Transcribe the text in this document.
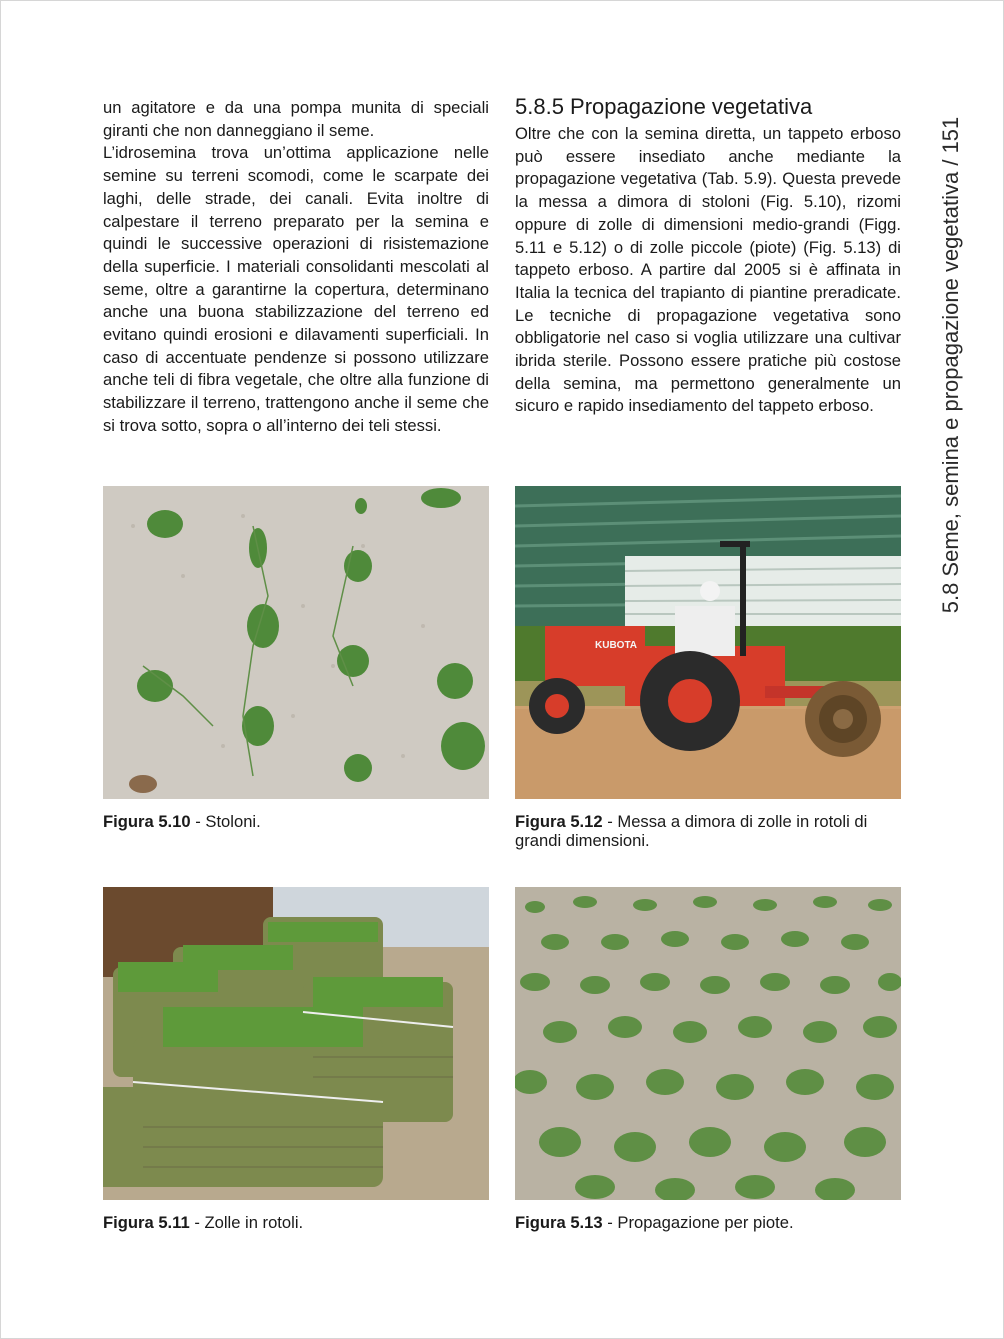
un agitatore e da una pompa munita di speciali giranti che non danneggiano il seme.

L’idrosemina trova un’ottima applicazione nelle semine su terreni scomodi, come le scarpate dei laghi, delle strade, dei canali. Evita inoltre di calpestare il terreno preparato per la semina e quindi le successive operazioni di risistemazione della superficie. I materiali consolidanti mescolati al seme, oltre a garantirne la copertura, determinano anche una buona stabilizzazione del terreno ed evitano quindi erosioni e dilavamenti superficiali. In caso di accentuate pendenze si possono utilizzare anche teli di fibra vegetale, che oltre alla funzione di stabilizzare il terreno, trattengono anche il seme che si trova sotto, sopra o all’interno dei teli stessi.

5.8.5 Propagazione vegetativa

Oltre che con la semina diretta, un tappeto erboso può essere insediato anche mediante la propagazione vegetativa (Tab. 5.9). Questa prevede la messa a dimora di stoloni (Fig. 5.10), rizomi oppure di zolle di dimensioni medio-grandi (Figg. 5.11 e 5.12) o di zolle piccole (piote) (Fig. 5.13) di tappeto erboso. A partire dal 2005 si è affinata in Italia la tecnica del trapianto di piantine preradicate. Le tecniche di propagazione vegetativa sono obbligatorie nel caso si voglia utilizzare una cultivar ibrida sterile. Possono essere pratiche più costose della semina, ma permettono generalmente un sicuro e rapido insediamento del tappeto erboso.	5.8 Seme, semina e propagazione vegetativa / 151
Figura 5.10 - Stoloni.
KUBOTA
Figura 5.12 - Messa a dimora di zolle in rotoli di grandi dimensioni.
Figura 5.11 - Zolle in rotoli.	Figura 5.13 - Propagazione per piote.
